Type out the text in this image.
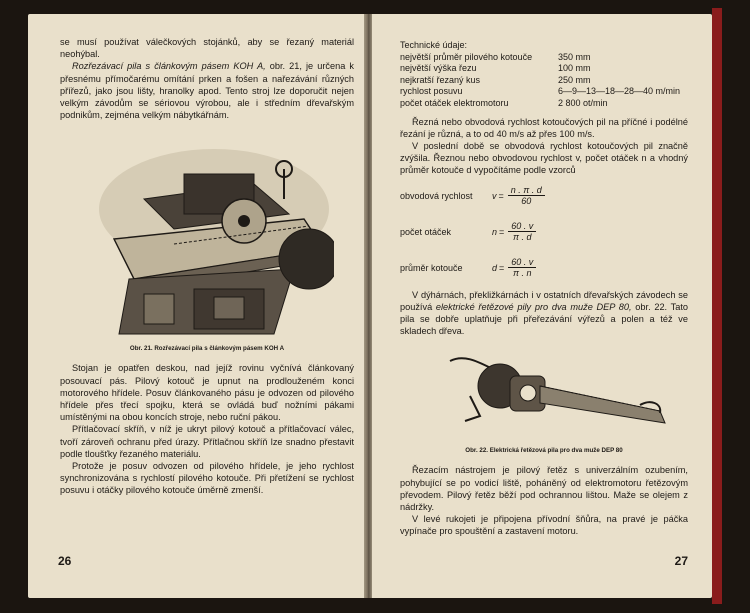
se musí používat válečkových stojánků, aby se řezaný materiál neohýbal.

Rozřezávací pila s článkovým pásem KOH A, obr. 21, je určena k přesnému přímočarému omítání prken a fošen a nařezávání různých přířezů, jako jsou lišty, hranolky apod. Tento stroj lze doporučit nejen velkým závodům se sériovou výrobou, ale i středním dřevařským podnikům, zejména velkým nábytkářnám.

Obr. 21. Rozřezávací pila s článkovým pásem KOH A

Stojan je opatřen deskou, nad jejíž rovinu vyčnívá článkovaný posouvací pás. Pilový kotouč je upnut na prodlouženém konci motorového hřídele. Posuv článkovaného pásu je odvozen od pilového hřídele přes třecí spojku, která se ovládá buď nožními pákami umístěnými na obou koncích stroje, nebo ruční pákou.

Přítlačovací skříň, v níž je ukryt pilový kotouč a přítlačovací válec, tvoří zároveň ochranu před úrazy. Přítlačnou skříň lze snadno přestavit podle tloušťky řezaného materiálu.

Protože je posuv odvozen od pilového hřídele, je jeho rychlost synchronizována s rychlostí pilového kotouče. Při přetížení se rychlost posuvu i otáčky pilového kotouče úměrně zmenší.

26
Technické údaje:
největší průměr pilového kotouče	350 mm
největší výška řezu	100 mm
nejkratší řezaný kus	250 mm
rychlost posuvu	6—9—13—18—28—40 m/min
počet otáček elektromotoru	2 800 ot/min

Řezná nebo obvodová rychlost kotoučových pil na příčné i podélné řezání je různá, a to od 40 m/s až přes 100 m/s.

V poslední době se obvodová rychlost kotoučových pil značně zvýšila. Řeznou nebo obvodovou rychlost v, počet otáček n a vhodný průměr kotouče d vypočítáme podle vzorců

obvodová rychlost	$v = \frac{n . \pi . d}{60}$
počet otáček	$n = \frac{60 . v}{\pi . d}$
průměr kotouče	$d = \frac{60 . v}{\pi . n}$

V dýhárnách, překližkárnách i v ostatních dřevařských závodech se používá elektrické řetězové pily pro dva muže DEP 80, obr. 22. Tato pila se dobře uplatňuje při přeřezávání výřezů a polen a též ve skladech dřeva.

Obr. 22. Elektrická řetězová pila pro dva muže DEP 80

Řezacím nástrojem je pilový řetěz s univerzálním ozubením, pohybující se po vodicí liště, poháněný od elektromotoru řetězovým převodem. Pilový řetěz běží pod ochrannou lištou. Maže se olejem z nádržky.

V levé rukojeti je připojena přívodní šňůra, na pravé je páčka vypínače pro spouštění a zastavení motoru.

27
